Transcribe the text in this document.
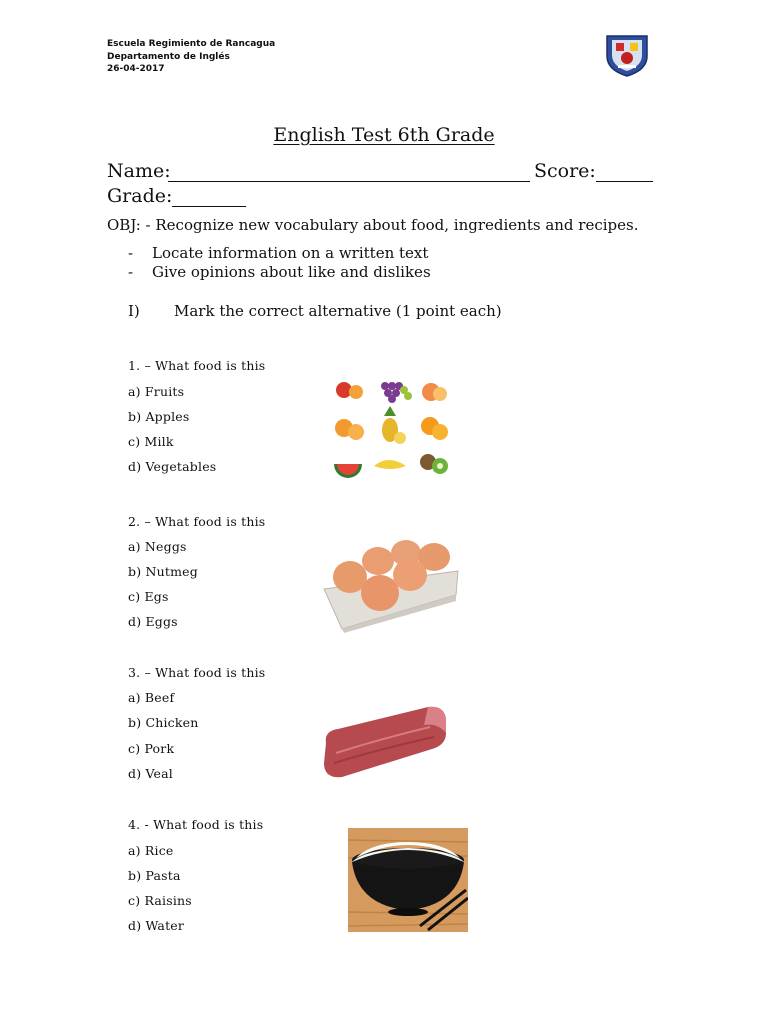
Escuela Regimiento de Rancagua
Departamento de Inglés
26-04-2017
English Test 6th Grade
Name:	Score:
Grade:
OBJ: - Recognize new vocabulary about food, ingredients and recipes.
- Locate information on a written text
- Give opinions about like and dislikes
I) Mark the correct alternative (1 point each)
1. – What food is this
a) Fruits
b) Apples
c) Milk
d) Vegetables
2. – What food is this
a) Neggs
b) Nutmeg
c) Egs
d) Eggs
3. – What food is this
a) Beef
b) Chicken
c) Pork
d) Veal
4. - What food is this
a) Rice
b) Pasta
c) Raisins
d) Water
